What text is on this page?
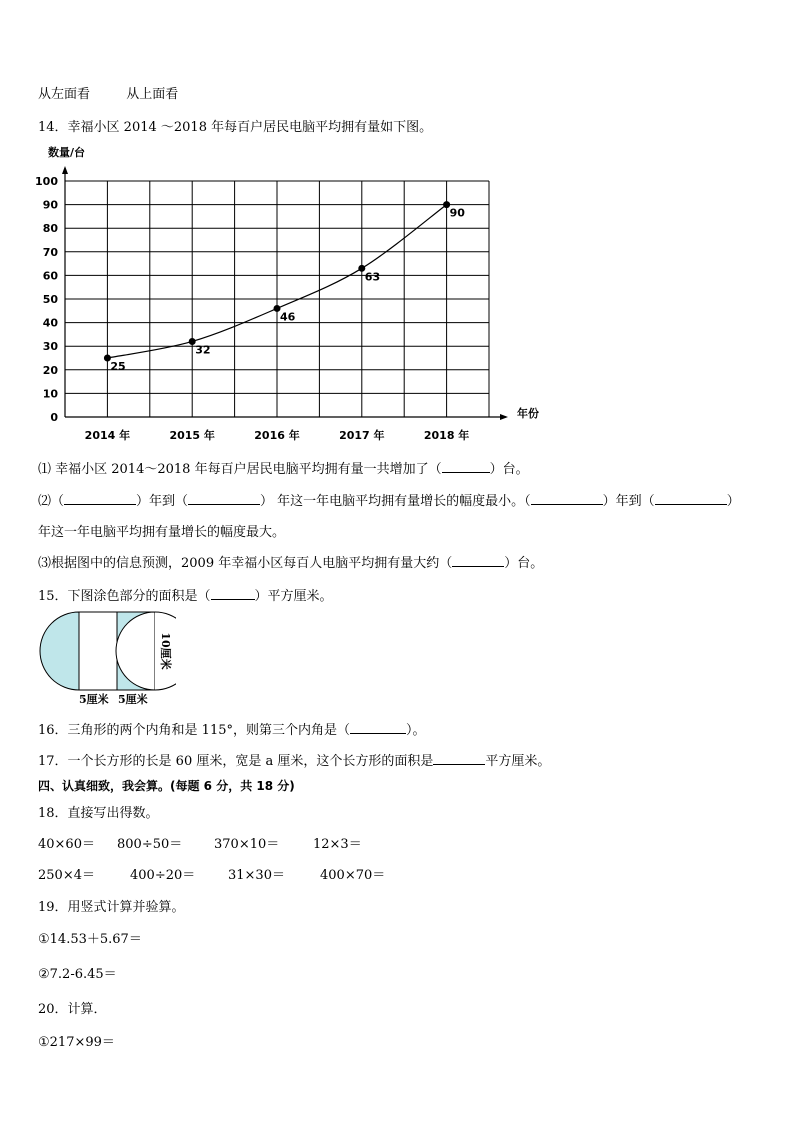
从左面看	从上面看
14．幸福小区 2014 ～2018 年每百户居民电脑平均拥有量如下图。
0
10
20
30
40
50
60
70
80
90
100
2014 年	2015 年	2016 年	2017 年	2018 年
25
32
46
63
90
数量/台
年份
⑴ 幸福小区 2014～2018 年每百户居民电脑平均拥有量一共增加了（	）台。
⑵（	）年到（	） 年这一年电脑平均拥有量增长的幅度最小。（	）年到（	）
年这一年电脑平均拥有量增长的幅度最大。
⑶根据图中的信息预测，2009 年幸福小区每百人电脑平均拥有量大约（	）台。
15．下图涂色部分的面积是（	）平方厘米。
10厘米
5厘米 5厘米
16．三角形的两个内角和是 115°，则第三个内角是（	）。
17．一个长方形的长是 60 厘米，宽是 a 厘米，这个长方形的面积是	平方厘米。
四、认真细致，我会算。(每题 6 分，共 18 分)
18．直接写出得数。
40×60＝ 800÷50＝ 370×10＝	12×3＝
250×4＝	400÷20＝	31×30＝	400×70＝
19．用竖式计算并验算。
①14.53＋5.67＝
②7.2-6.45＝
20．计算．
①217×99＝
